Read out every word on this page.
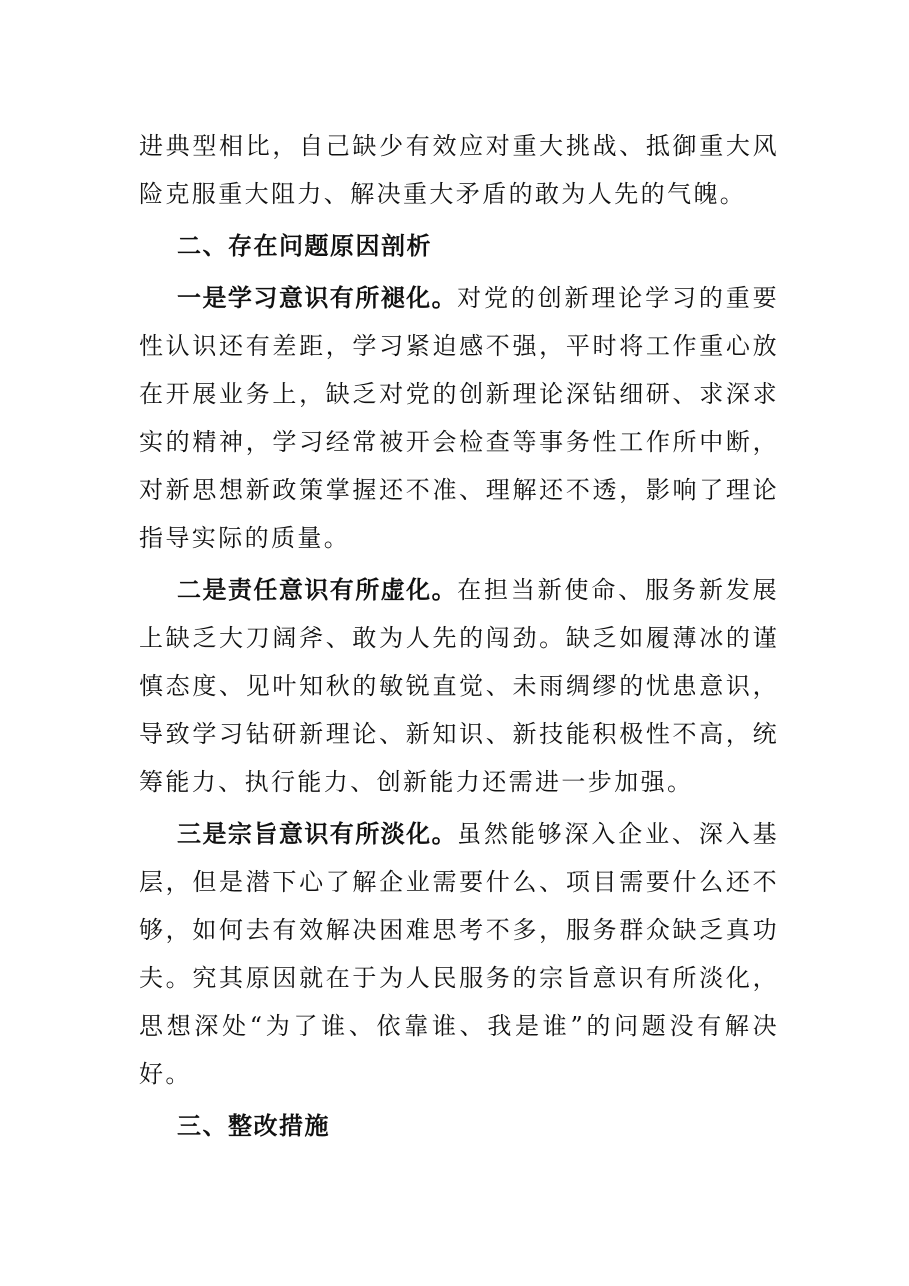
进典型相比，自己缺少有效应对重大挑战、抵御重大风险克服重大阻力、解决重大矛盾的敢为人先的气魄。

二、存在问题原因剖析

一是学习意识有所褪化。对党的创新理论学习的重要性认识还有差距，学习紧迫感不强，平时将工作重心放在开展业务上，缺乏对党的创新理论深钻细研、求深求实的精神，学习经常被开会检查等事务性工作所中断，对新思想新政策掌握还不准、理解还不透，影响了理论指导实际的质量。

二是责任意识有所虚化。在担当新使命、服务新发展上缺乏大刀阔斧、敢为人先的闯劲。缺乏如履薄冰的谨慎态度、见叶知秋的敏锐直觉、未雨绸缪的忧患意识，导致学习钻研新理论、新知识、新技能积极性不高，统筹能力、执行能力、创新能力还需进一步加强。

三是宗旨意识有所淡化。虽然能够深入企业、深入基层，但是潜下心了解企业需要什么、项目需要什么还不够，如何去有效解决困难思考不多，服务群众缺乏真功夫。究其原因就在于为人民服务的宗旨意识有所淡化，思想深处“为了谁、依靠谁、我是谁”的问题没有解决好。

三、整改措施
